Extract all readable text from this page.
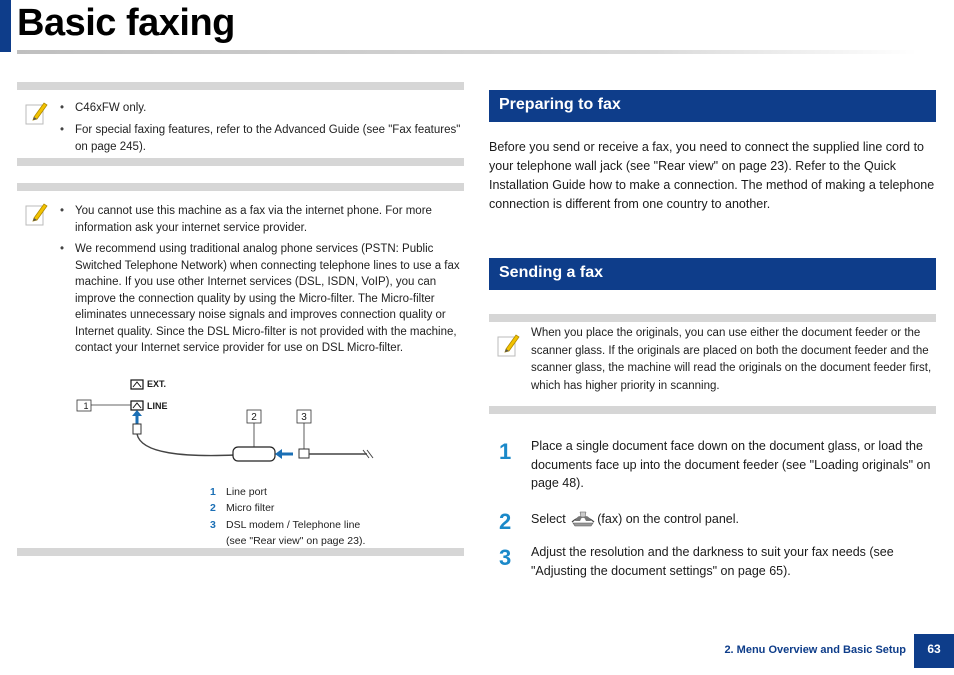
Basic faxing
• C46xFW only.
• For special faxing features, refer to the Advanced Guide (see "Fax features" on page 245).
• You cannot use this machine as a fax via the internet phone. For more information ask your internet service provider.
• We recommend using traditional analog phone services (PSTN: Public Switched Telephone Network) when connecting telephone lines to use a fax machine. If you use other Internet services (DSL, ISDN, VoIP), you can improve the connection quality by using the Micro-filter. The Micro-filter eliminates unnecessary noise signals and improves connection quality or Internet quality. Since the DSL Micro-filter is not provided with the machine, contact your Internet service provider for use on DSL Micro-filter.
EXT.
LINE
1
2	3
1 Line port
2 Micro filter
3 DSL modem / Telephone line
(see "Rear view" on page 23).
Preparing to fax
Before you send or receive a fax, you need to connect the supplied line cord to your telephone wall jack (see "Rear view" on page 23). Refer to the Quick Installation Guide how to make a connection. The method of making a telephone connection is different from one country to another.
Sending a fax
When you place the originals, you can use either the document feeder or the scanner glass. If the originals are placed on both the document feeder and the scanner glass, the machine will read the originals on the document feeder first, which has higher priority in scanning.
1 Place a single document face down on the document glass, or load the documents face up into the document feeder (see "Loading originals" on page 48).
2 Select	(fax) on the control panel.
3 Adjust the resolution and the darkness to suit your fax needs (see "Adjusting the document settings" on page 65).
2. Menu Overview and Basic Setup	63
